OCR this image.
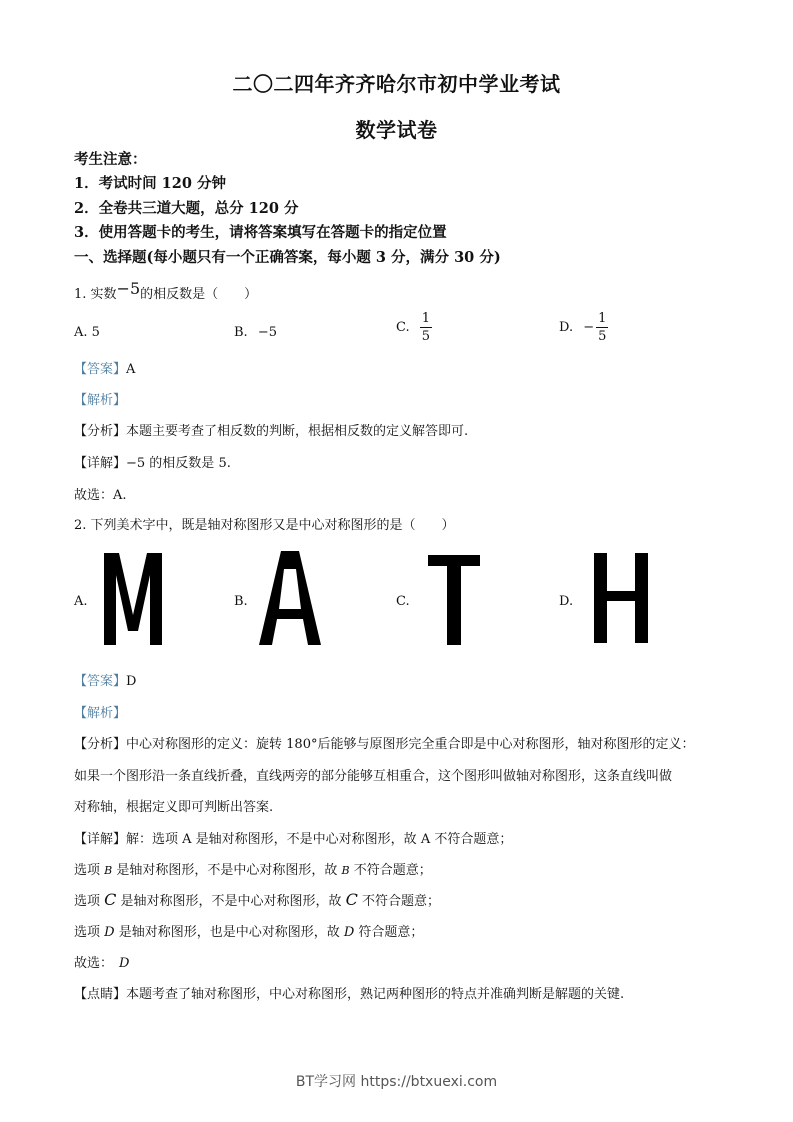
二〇二四年齐齐哈尔市初中学业考试
数学试卷
考生注意：
1．考试时间 120 分钟
2．全卷共三道大题，总分 120 分
3．使用答题卡的考生，请将答案填写在答题卡的指定位置
一、选择题(每小题只有一个正确答案，每小题 3 分，满分 30 分)
1. 实数−5的相反数是（　　）
A. 5	B. −5	C. $\frac{1}{5}$	D. − $\frac{1}{5}$
【答案】A
【解析】
【分析】本题主要考查了相反数的判断，根据相反数的定义解答即可.
【详解】−5 的相反数是 5.
故选：A.
2. 下列美术字中，既是轴对称图形又是中心对称图形的是（　　）
A.	B.	C.	D.
【答案】D
【解析】
【分析】中心对称图形的定义：旋转 180°后能够与原图形完全重合即是中心对称图形，轴对称图形的定义：
如果一个图形沿一条直线折叠，直线两旁的部分能够互相重合，这个图形叫做轴对称图形，这条直线叫做
对称轴，根据定义即可判断出答案.
【详解】解：选项 A 是轴对称图形，不是中心对称图形，故 A 不符合题意；
选项 B 是轴对称图形，不是中心对称图形，故 B 不符合题意；
选项 C 是轴对称图形，不是中心对称图形，故 C 不符合题意；
选项 D 是轴对称图形，也是中心对称图形，故 D 符合题意；
故选： D
【点睛】本题考查了轴对称图形，中心对称图形，熟记两种图形的特点并准确判断是解题的关键.
BT学习网 https://btxuexi.com
